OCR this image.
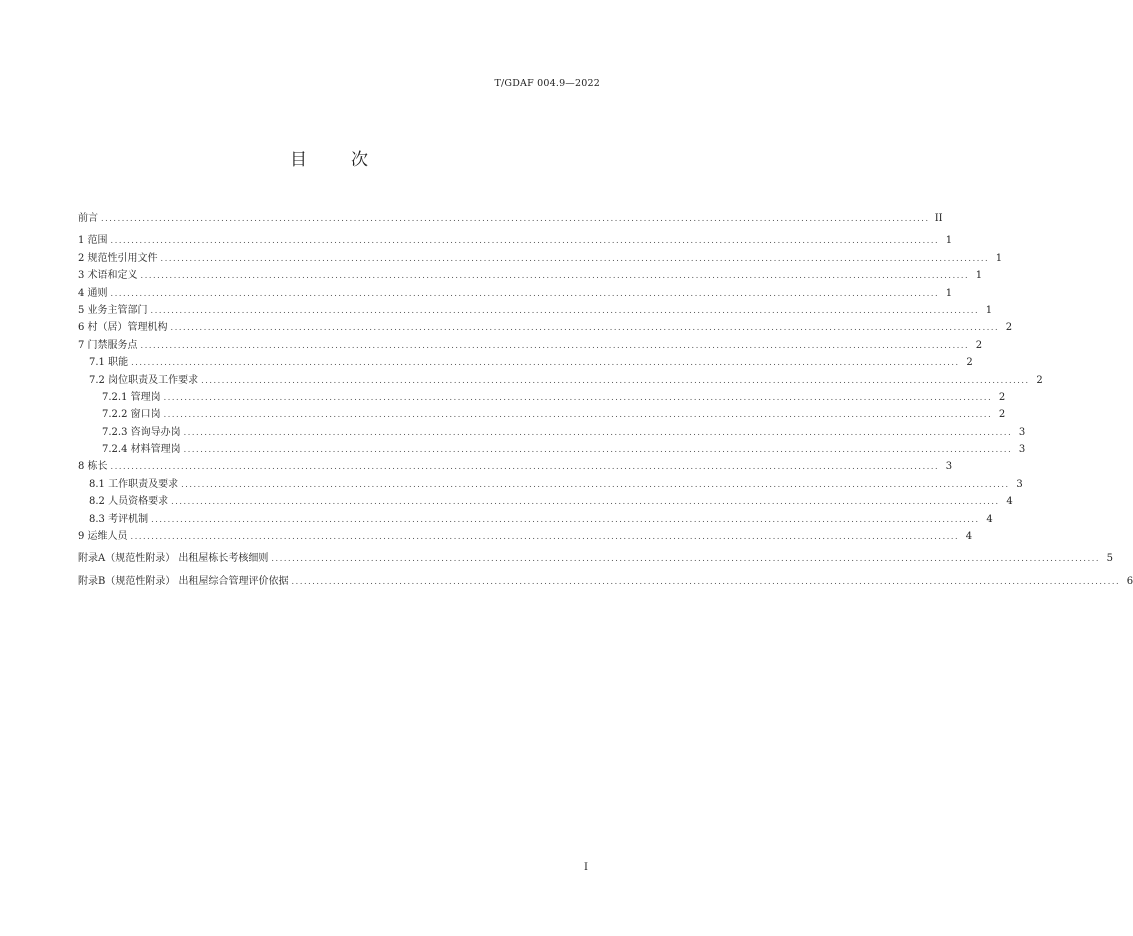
T/GDAF 004.9—2022
目 次
前言 ........................................................................................................................................................................................................ II
1 范围 ........................................................................................................................................................................................................ 1
2 规范性引用文件 ........................................................................................................................................................................................................ 1
3 术语和定义 ........................................................................................................................................................................................................ 1
4 通则 ........................................................................................................................................................................................................ 1
5 业务主管部门 ........................................................................................................................................................................................................ 1
6 村（居）管理机构 ........................................................................................................................................................................................................ 2
7 门禁服务点 ........................................................................................................................................................................................................ 2
7.1 职能 ........................................................................................................................................................................................................ 2
7.2 岗位职责及工作要求 ........................................................................................................................................................................................................ 2
7.2.1 管理岗 ........................................................................................................................................................................................................ 2
7.2.2 窗口岗 ........................................................................................................................................................................................................ 2
7.2.3 咨询导办岗 ........................................................................................................................................................................................................ 3
7.2.4 材料管理岗 ........................................................................................................................................................................................................ 3
8 栋长 ........................................................................................................................................................................................................ 3
8.1 工作职责及要求 ........................................................................................................................................................................................................ 3
8.2 人员资格要求 ........................................................................................................................................................................................................ 4
8.3 考评机制 ........................................................................................................................................................................................................ 4
9 运维人员 ........................................................................................................................................................................................................ 4
附录A（规范性附录） 出租屋栋长考核细则 ........................................................................................................................................................................................................ 5
附录B（规范性附录） 出租屋综合管理评价依据 ........................................................................................................................................................................................................ 6
I
